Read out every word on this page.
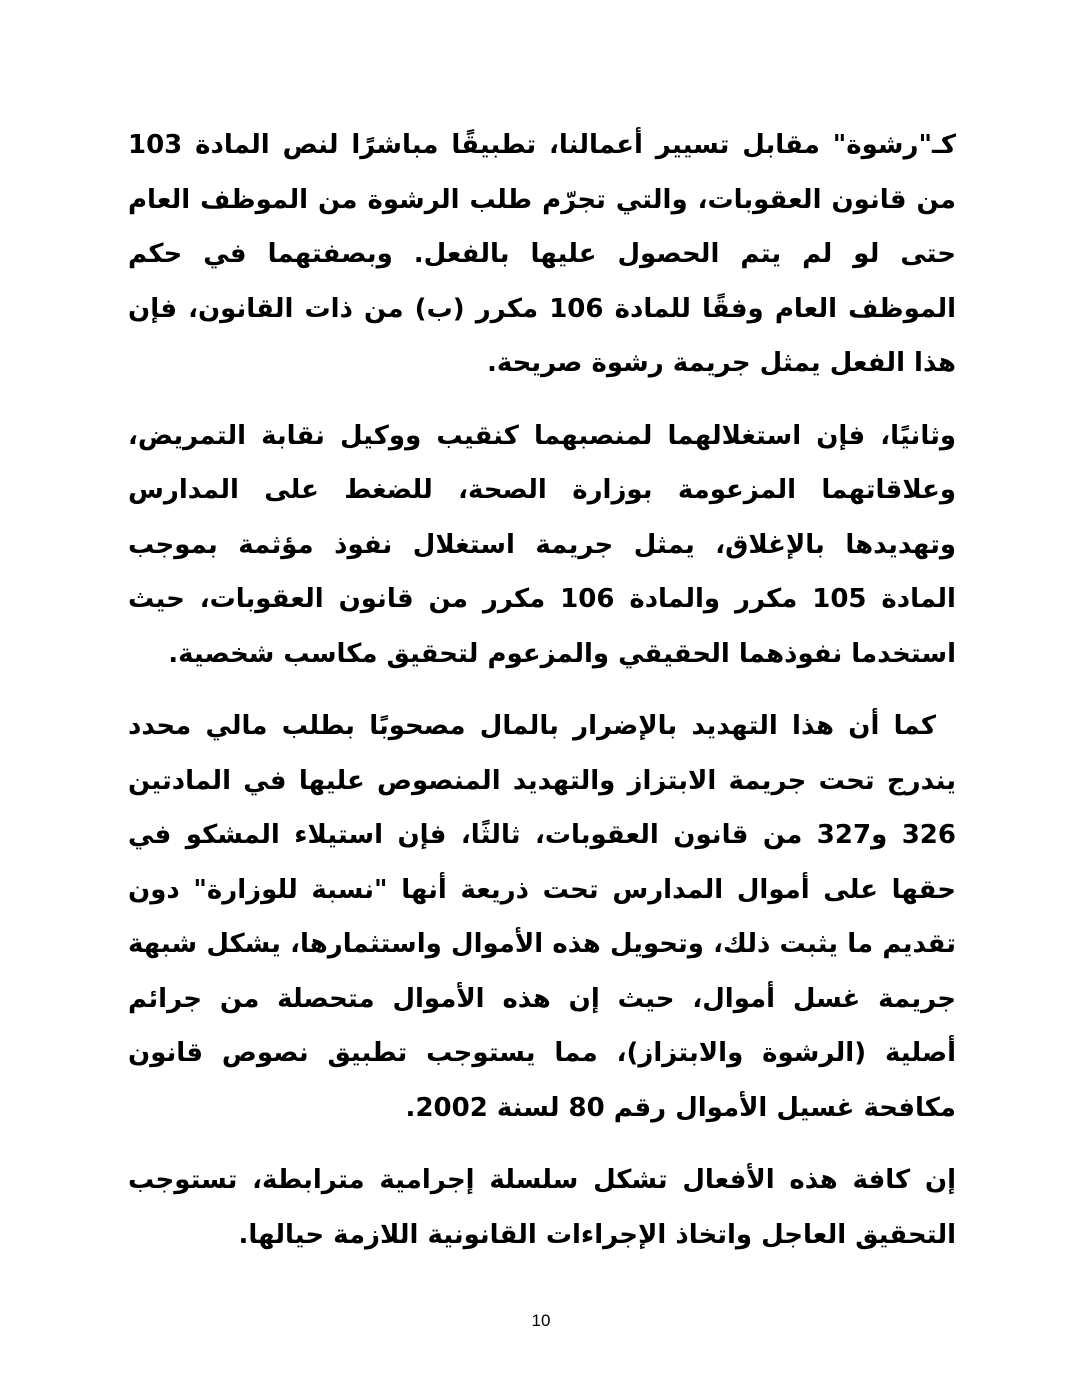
كـ"رشوة" مقابل تسيير أعمالنا، تطبيقًا مباشرًا لنص المادة 103 من قانون العقوبات، والتي تجرّم طلب الرشوة من الموظف العام حتى لو لم يتم الحصول عليها بالفعل. وبصفتهما في حكم الموظف العام وفقًا للمادة 106 مكرر (ب) من ذات القانون، فإن هذا الفعل يمثل جريمة رشوة صريحة.

وثانيًا، فإن استغلالهما لمنصبهما كنقيب ووكيل نقابة التمريض، وعلاقاتهما المزعومة بوزارة الصحة، للضغط على المدارس وتهديدها بالإغلاق، يمثل جريمة استغلال نفوذ مؤثمة بموجب المادة 105 مكرر والمادة 106 مكرر من قانون العقوبات، حيث استخدما نفوذهما الحقيقي والمزعوم لتحقيق مكاسب شخصية.

كما أن هذا التهديد بالإضرار بالمال مصحوبًا بطلب مالي محدد يندرج تحت جريمة الابتزاز والتهديد المنصوص عليها في المادتين 326 و327 من قانون العقوبات، ثالثًا، فإن استيلاء المشكو في حقها على أموال المدارس تحت ذريعة أنها "نسبة للوزارة" دون تقديم ما يثبت ذلك، وتحويل هذه الأموال واستثمارها، يشكل شبهة جريمة غسل أموال، حيث إن هذه الأموال متحصلة من جرائم أصلية (الرشوة والابتزاز)، مما يستوجب تطبيق نصوص قانون مكافحة غسيل الأموال رقم 80 لسنة 2002.

إن كافة هذه الأفعال تشكل سلسلة إجرامية مترابطة، تستوجب التحقيق العاجل واتخاذ الإجراءات القانونية اللازمة حيالها.

10
